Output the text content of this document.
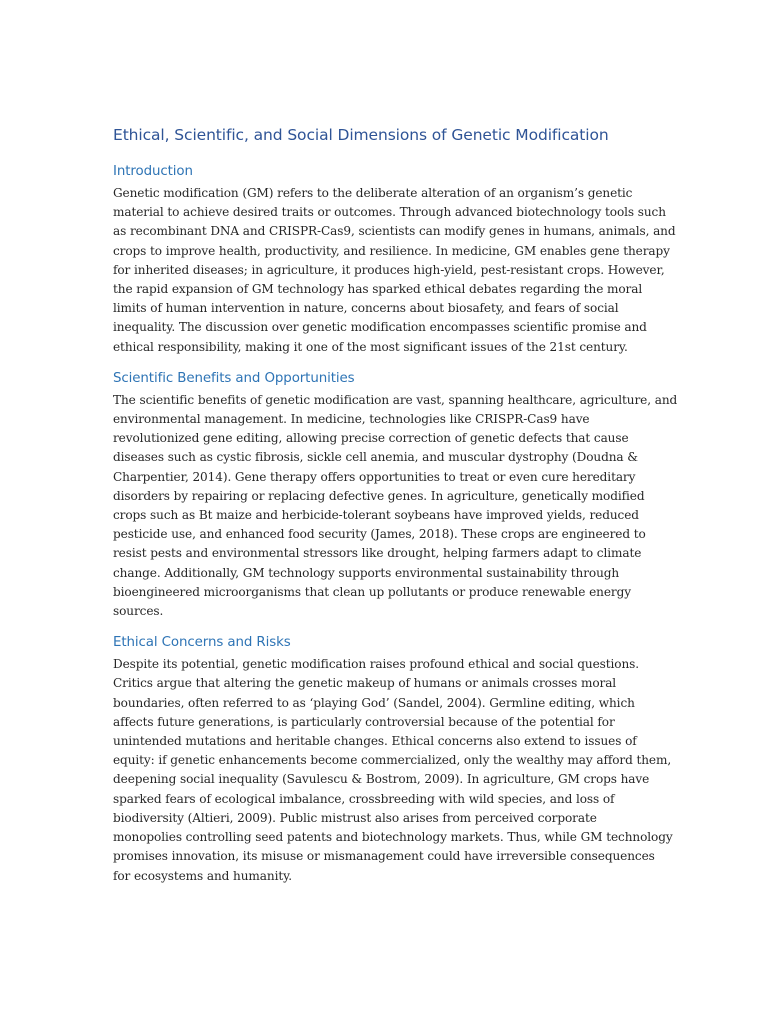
Ethical, Scientific, and Social Dimensions of Genetic Modification
Introduction

Genetic modification (GM) refers to the deliberate alteration of an organism’s genetic
material to achieve desired traits or outcomes. Through advanced biotechnology tools such
as recombinant DNA and CRISPR-Cas9, scientists can modify genes in humans, animals, and
crops to improve health, productivity, and resilience. In medicine, GM enables gene therapy
for inherited diseases; in agriculture, it produces high-yield, pest-resistant crops. However,
the rapid expansion of GM technology has sparked ethical debates regarding the moral
limits of human intervention in nature, concerns about biosafety, and fears of social
inequality. The discussion over genetic modification encompasses scientific promise and
ethical responsibility, making it one of the most significant issues of the 21st century.

Scientific Benefits and Opportunities

The scientific benefits of genetic modification are vast, spanning healthcare, agriculture, and
environmental management. In medicine, technologies like CRISPR-Cas9 have
revolutionized gene editing, allowing precise correction of genetic defects that cause
diseases such as cystic fibrosis, sickle cell anemia, and muscular dystrophy (Doudna &
Charpentier, 2014). Gene therapy offers opportunities to treat or even cure hereditary
disorders by repairing or replacing defective genes. In agriculture, genetically modified
crops such as Bt maize and herbicide-tolerant soybeans have improved yields, reduced
pesticide use, and enhanced food security (James, 2018). These crops are engineered to
resist pests and environmental stressors like drought, helping farmers adapt to climate
change. Additionally, GM technology supports environmental sustainability through
bioengineered microorganisms that clean up pollutants or produce renewable energy
sources.

Ethical Concerns and Risks

Despite its potential, genetic modification raises profound ethical and social questions.
Critics argue that altering the genetic makeup of humans or animals crosses moral
boundaries, often referred to as ‘playing God’ (Sandel, 2004). Germline editing, which
affects future generations, is particularly controversial because of the potential for
unintended mutations and heritable changes. Ethical concerns also extend to issues of
equity: if genetic enhancements become commercialized, only the wealthy may afford them,
deepening social inequality (Savulescu & Bostrom, 2009). In agriculture, GM crops have
sparked fears of ecological imbalance, crossbreeding with wild species, and loss of
biodiversity (Altieri, 2009). Public mistrust also arises from perceived corporate
monopolies controlling seed patents and biotechnology markets. Thus, while GM technology
promises innovation, its misuse or mismanagement could have irreversible consequences
for ecosystems and humanity.
